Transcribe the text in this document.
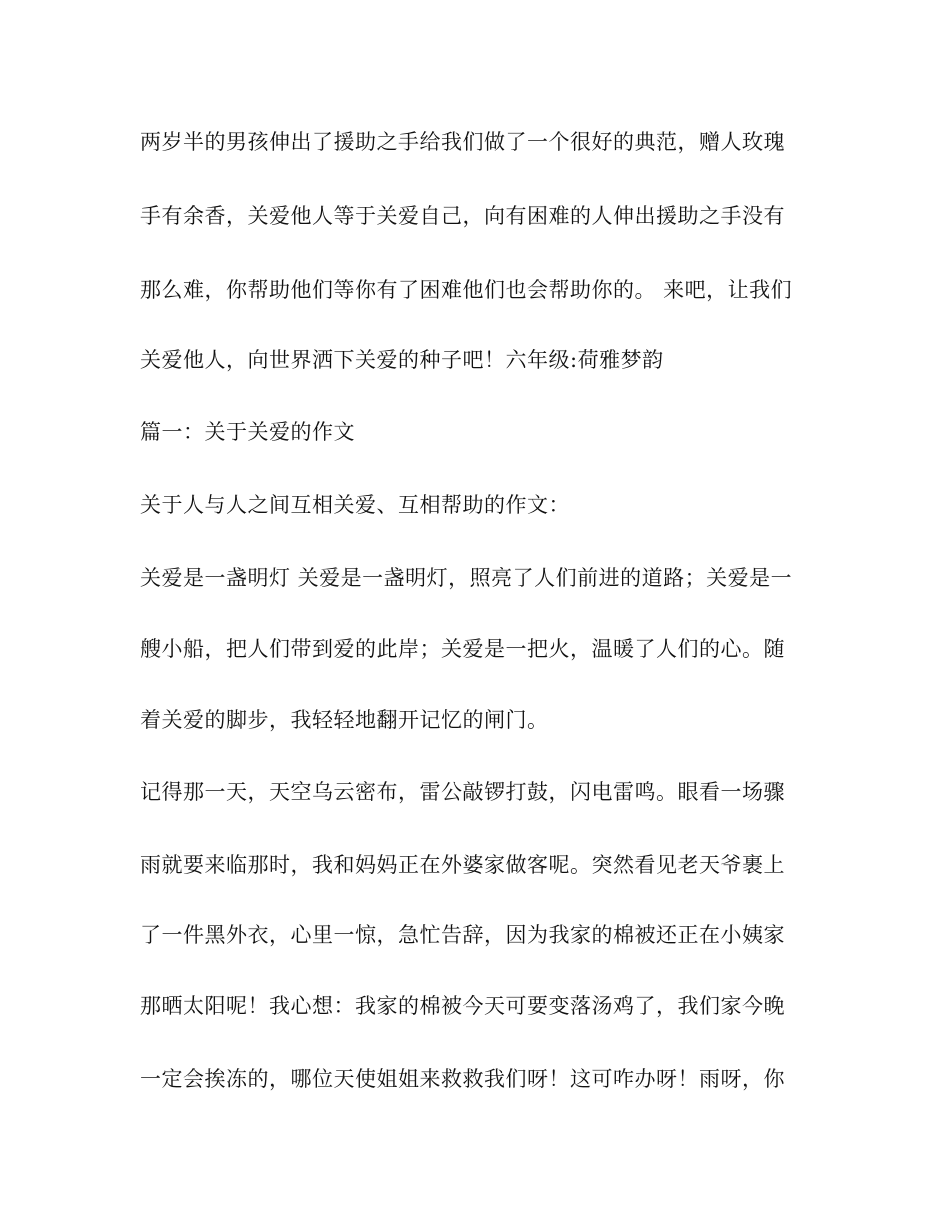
两岁半的男孩伸出了援助之手给我们做了一个很好的典范，赠人玫瑰
手有余香，关爱他人等于关爱自己，向有困难的人伸出援助之手没有
那么难，你帮助他们等你有了困难他们也会帮助你的。 来吧，让我们
关爱他人，向世界洒下关爱的种子吧！六年级:荷雅梦韵
篇一：关于关爱的作文
关于人与人之间互相关爱、互相帮助的作文：
关爱是一盏明灯 关爱是一盏明灯，照亮了人们前进的道路；关爱是一
艘小船，把人们带到爱的此岸；关爱是一把火，温暖了人们的心。随
着关爱的脚步，我轻轻地翻开记忆的闸门。
记得那一天，天空乌云密布，雷公敲锣打鼓，闪电雷鸣。眼看一场骤
雨就要来临那时，我和妈妈正在外婆家做客呢。突然看见老天爷裹上
了一件黑外衣，心里一惊，急忙告辞，因为我家的棉被还正在小姨家
那晒太阳呢！我心想：我家的棉被今天可要变落汤鸡了，我们家今晚
一定会挨冻的，哪位天使姐姐来救救我们呀！这可咋办呀！雨呀，你
